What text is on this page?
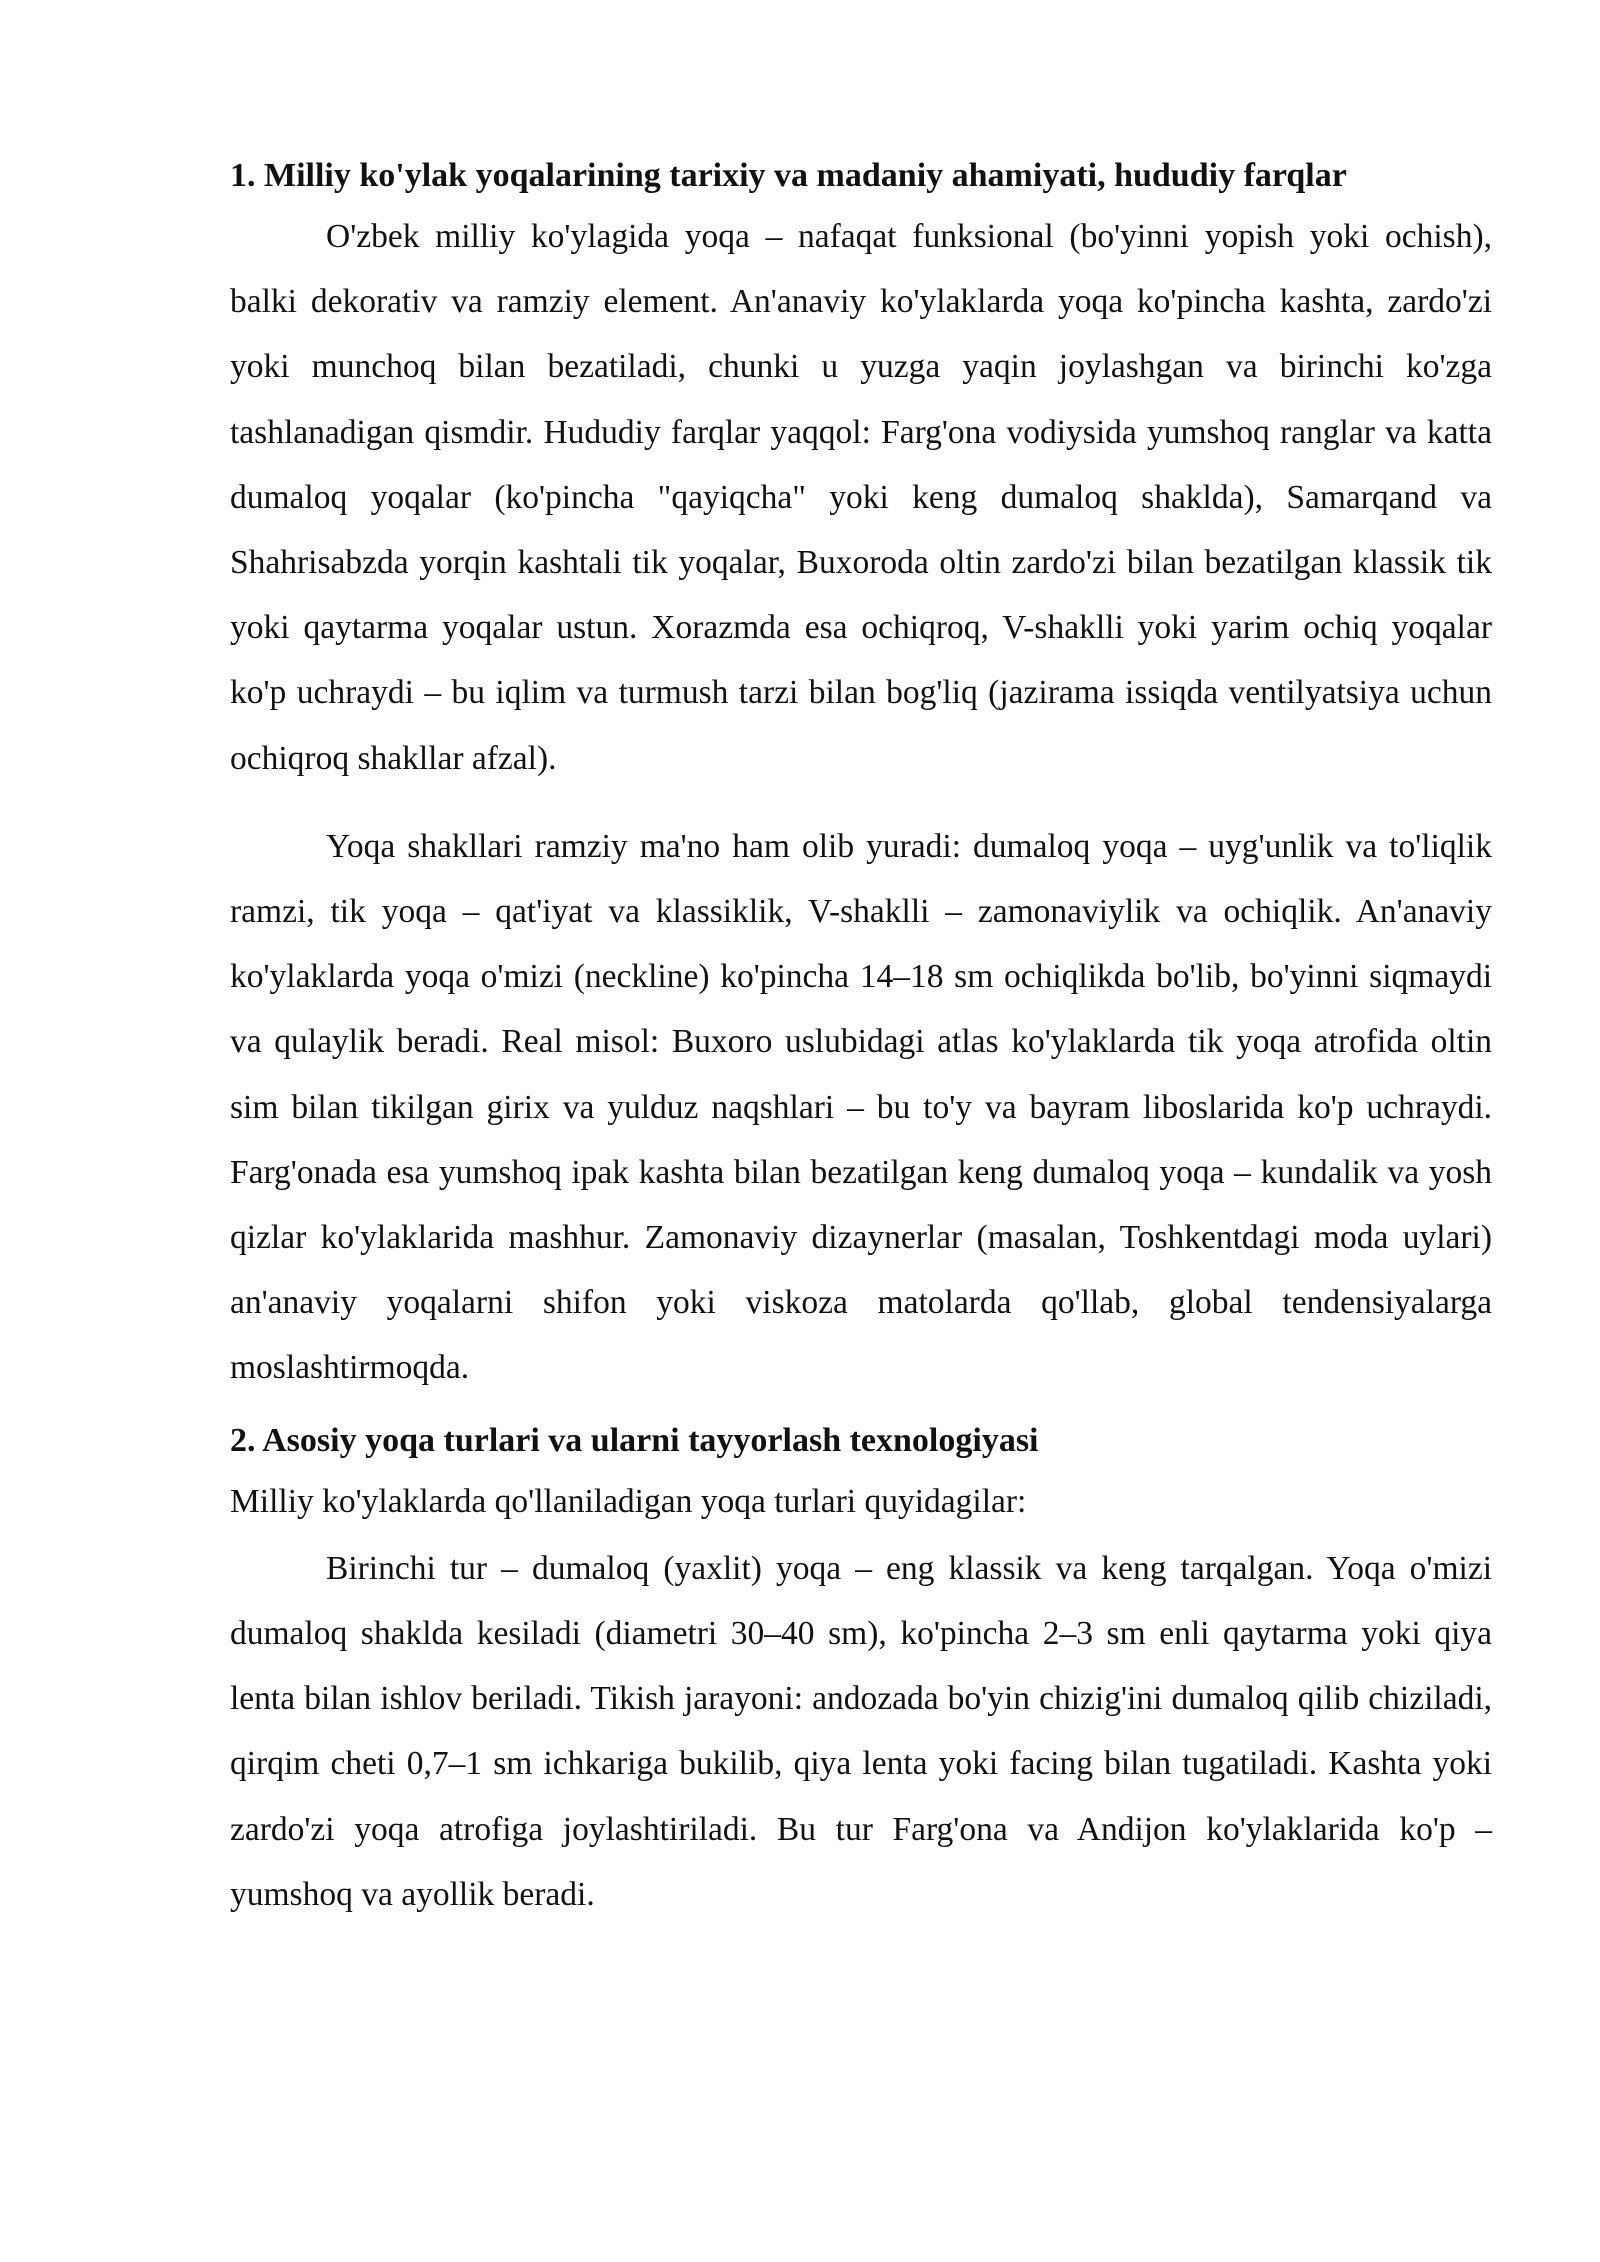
1. Milliy ko'ylak yoqalarining tarixiy va madaniy ahamiyati, hududiy farqlar

O'zbek milliy ko'ylagida yoqa – nafaqat funksional (bo'yinni yopish yoki ochish), balki dekorativ va ramziy element. An'anaviy ko'ylaklarda yoqa ko'pincha kashta, zardo'zi yoki munchoq bilan bezatiladi, chunki u yuzga yaqin joylashgan va birinchi ko'zga tashlanadigan qismdir. Hududiy farqlar yaqqol: Farg'ona vodiysida yumshoq ranglar va katta dumaloq yoqalar (ko'pincha "qayiqcha" yoki keng dumaloq shaklda), Samarqand va Shahrisabzda yorqin kashtali tik yoqalar, Buxoroda oltin zardo'zi bilan bezatilgan klassik tik yoki qaytarma yoqalar ustun. Xorazmda esa ochiqroq, V-shaklli yoki yarim ochiq yoqalar ko'p uchraydi – bu iqlim va turmush tarzi bilan bog'liq (jazirama issiqda ventilyatsiya uchun ochiqroq shakllar afzal).

Yoqa shakllari ramziy ma'no ham olib yuradi: dumaloq yoqa – uyg'unlik va to'liqlik ramzi, tik yoqa – qat'iyat va klassiklik, V-shaklli – zamonaviylik va ochiqlik. An'anaviy ko'ylaklarda yoqa o'mizi (neckline) ko'pincha 14–18 sm ochiqlikda bo'lib, bo'yinni siqmaydi va qulaylik beradi. Real misol: Buxoro uslubidagi atlas ko'ylaklarda tik yoqa atrofida oltin sim bilan tikilgan girix va yulduz naqshlari – bu to'y va bayram liboslarida ko'p uchraydi. Farg'onada esa yumshoq ipak kashta bilan bezatilgan keng dumaloq yoqa – kundalik va yosh qizlar ko'ylaklarida mashhur. Zamonaviy dizaynerlar (masalan, Toshkentdagi moda uylari) an'anaviy yoqalarni shifon yoki viskoza matolarda qo'llab, global tendensiyalarga moslashtirmoqda.

2. Asosiy yoqa turlari va ularni tayyorlash texnologiyasi

Milliy ko'ylaklarda qo'llaniladigan yoqa turlari quyidagilar:

Birinchi tur – dumaloq (yaxlit) yoqa – eng klassik va keng tarqalgan. Yoqa o'mizi dumaloq shaklda kesiladi (diametri 30–40 sm), ko'pincha 2–3 sm enli qaytarma yoki qiya lenta bilan ishlov beriladi. Tikish jarayoni: andozada bo'yin chizig'ini dumaloq qilib chiziladi, qirqim cheti 0,7–1 sm ichkariga bukilib, qiya lenta yoki facing bilan tugatiladi. Kashta yoki zardo'zi yoqa atrofiga joylashtiriladi. Bu tur Farg'ona va Andijon ko'ylaklarida ko'p – yumshoq va ayollik beradi.
